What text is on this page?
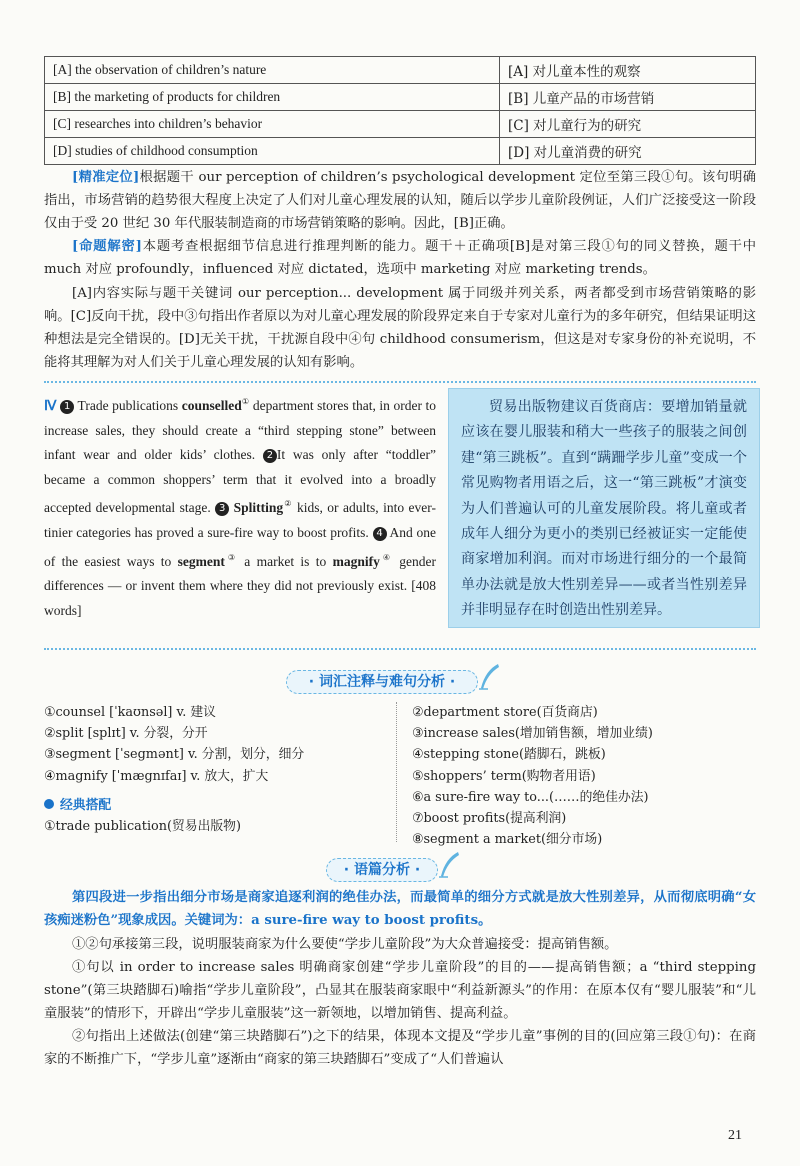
[A] the observation of children’s nature	[A] 对儿童本性的观察
[B] the marketing of products for children	[B] 儿童产品的市场营销
[C] researches into children’s behavior	[C] 对儿童行为的研究
[D] studies of childhood consumption	[D] 对儿童消费的研究
[精准定位]根据题干 our perception of children’s psychological development 定位至第三段①句。该句明确指出，市场营销的趋势很大程度上决定了人们对儿童心理发展的认知，随后以学步儿童阶段例证，人们广泛接受这一阶段仅由于受 20 世纪 30 年代服装制造商的市场营销策略的影响。因此，[B]正确。
[命题解密]本题考查根据细节信息进行推理判断的能力。题干＋正确项[B]是对第三段①句的同义替换，题干中 much 对应 profoundly，influenced 对应 dictated，选项中 marketing 对应 marketing trends。
[A]内容实际与题干关键词 our perception... development 属于同级并列关系，两者都受到市场营销策略的影响。[C]反向干扰，段中③句指出作者原以为对儿童心理发展的阶段界定来自于专家对儿童行为的多年研究，但结果证明这种想法是完全错误的。[D]无关干扰，干扰源自段中④句 childhood consumerism，但这是对专家身份的补充说明，不能将其理解为对人们关于儿童心理发展的认知有影响。
Ⅳ 1 Trade publications counselled① department stores that, in order to increase sales, they should create a “third stepping stone” between infant wear and older kids’ clothes. 2 It was only after “toddler” became a common shoppers’ term that it evolved into a broadly accepted developmental stage. 3 Splitting② kids, or adults, into ever-tinier categories has proved a sure-fire way to boost profits. 4 And one of the easiest ways to segment③ a market is to magnify④ gender differences — or invent them where they did not previously exist. [408 words]
贸易出版物建议百货商店：要增加销量就应该在婴儿服装和稍大一些孩子的服装之间创建“第三跳板”。直到“蹒跚学步儿童”变成一个常见购物者用语之后，这一“第三跳板”才演变为人们普遍认可的儿童发展阶段。将儿童或者成年人细分为更小的类别已经被证实一定能使商家增加利润。而对市场进行细分的一个最简单办法就是放大性别差异——或者当性别差异并非明显存在时创造出性别差异。
· 词汇注释与难句分析 ·
①counsel [ˈkaʊnsəl] v. 建议
②split [splɪt] v. 分裂，分开
③segment [ˈsegmənt] v. 分割，划分，细分
④magnify [ˈmægnɪfaɪ] v. 放大，扩大
经典搭配
①trade publication(贸易出版物)
②department store(百货商店)
③increase sales(增加销售额，增加业绩)
④stepping stone(踏脚石，跳板)
⑤shoppers’ term(购物者用语)
⑥a sure-fire way to...(……的绝佳办法)
⑦boost profits(提高利润)
⑧segment a market(细分市场)
· 语篇分析 ·
第四段进一步指出细分市场是商家追逐利润的绝佳办法，而最简单的细分方式就是放大性别差异，从而彻底明确“女孩痴迷粉色”现象成因。关键词为：a sure-fire way to boost profits。
①②句承接第三段，说明服装商家为什么要使“学步儿童阶段”为大众普遍接受：提高销售额。
①句以 in order to increase sales 明确商家创建“学步儿童阶段”的目的——提高销售额；a “third stepping stone”(第三块踏脚石)喻指“学步儿童阶段”，凸显其在服装商家眼中“利益新源头”的作用：在原本仅有“婴儿服装”和“儿童服装”的情形下，开辟出“学步儿童服装”这一新领地，以增加销售、提高利益。
②句指出上述做法(创建“第三块踏脚石”)之下的结果，体现本文提及“学步儿童”事例的目的(回应第三段①句)：在商家的不断推广下，“学步儿童”逐渐由“商家的第三块踏脚石”变成了“人们普遍认
21
